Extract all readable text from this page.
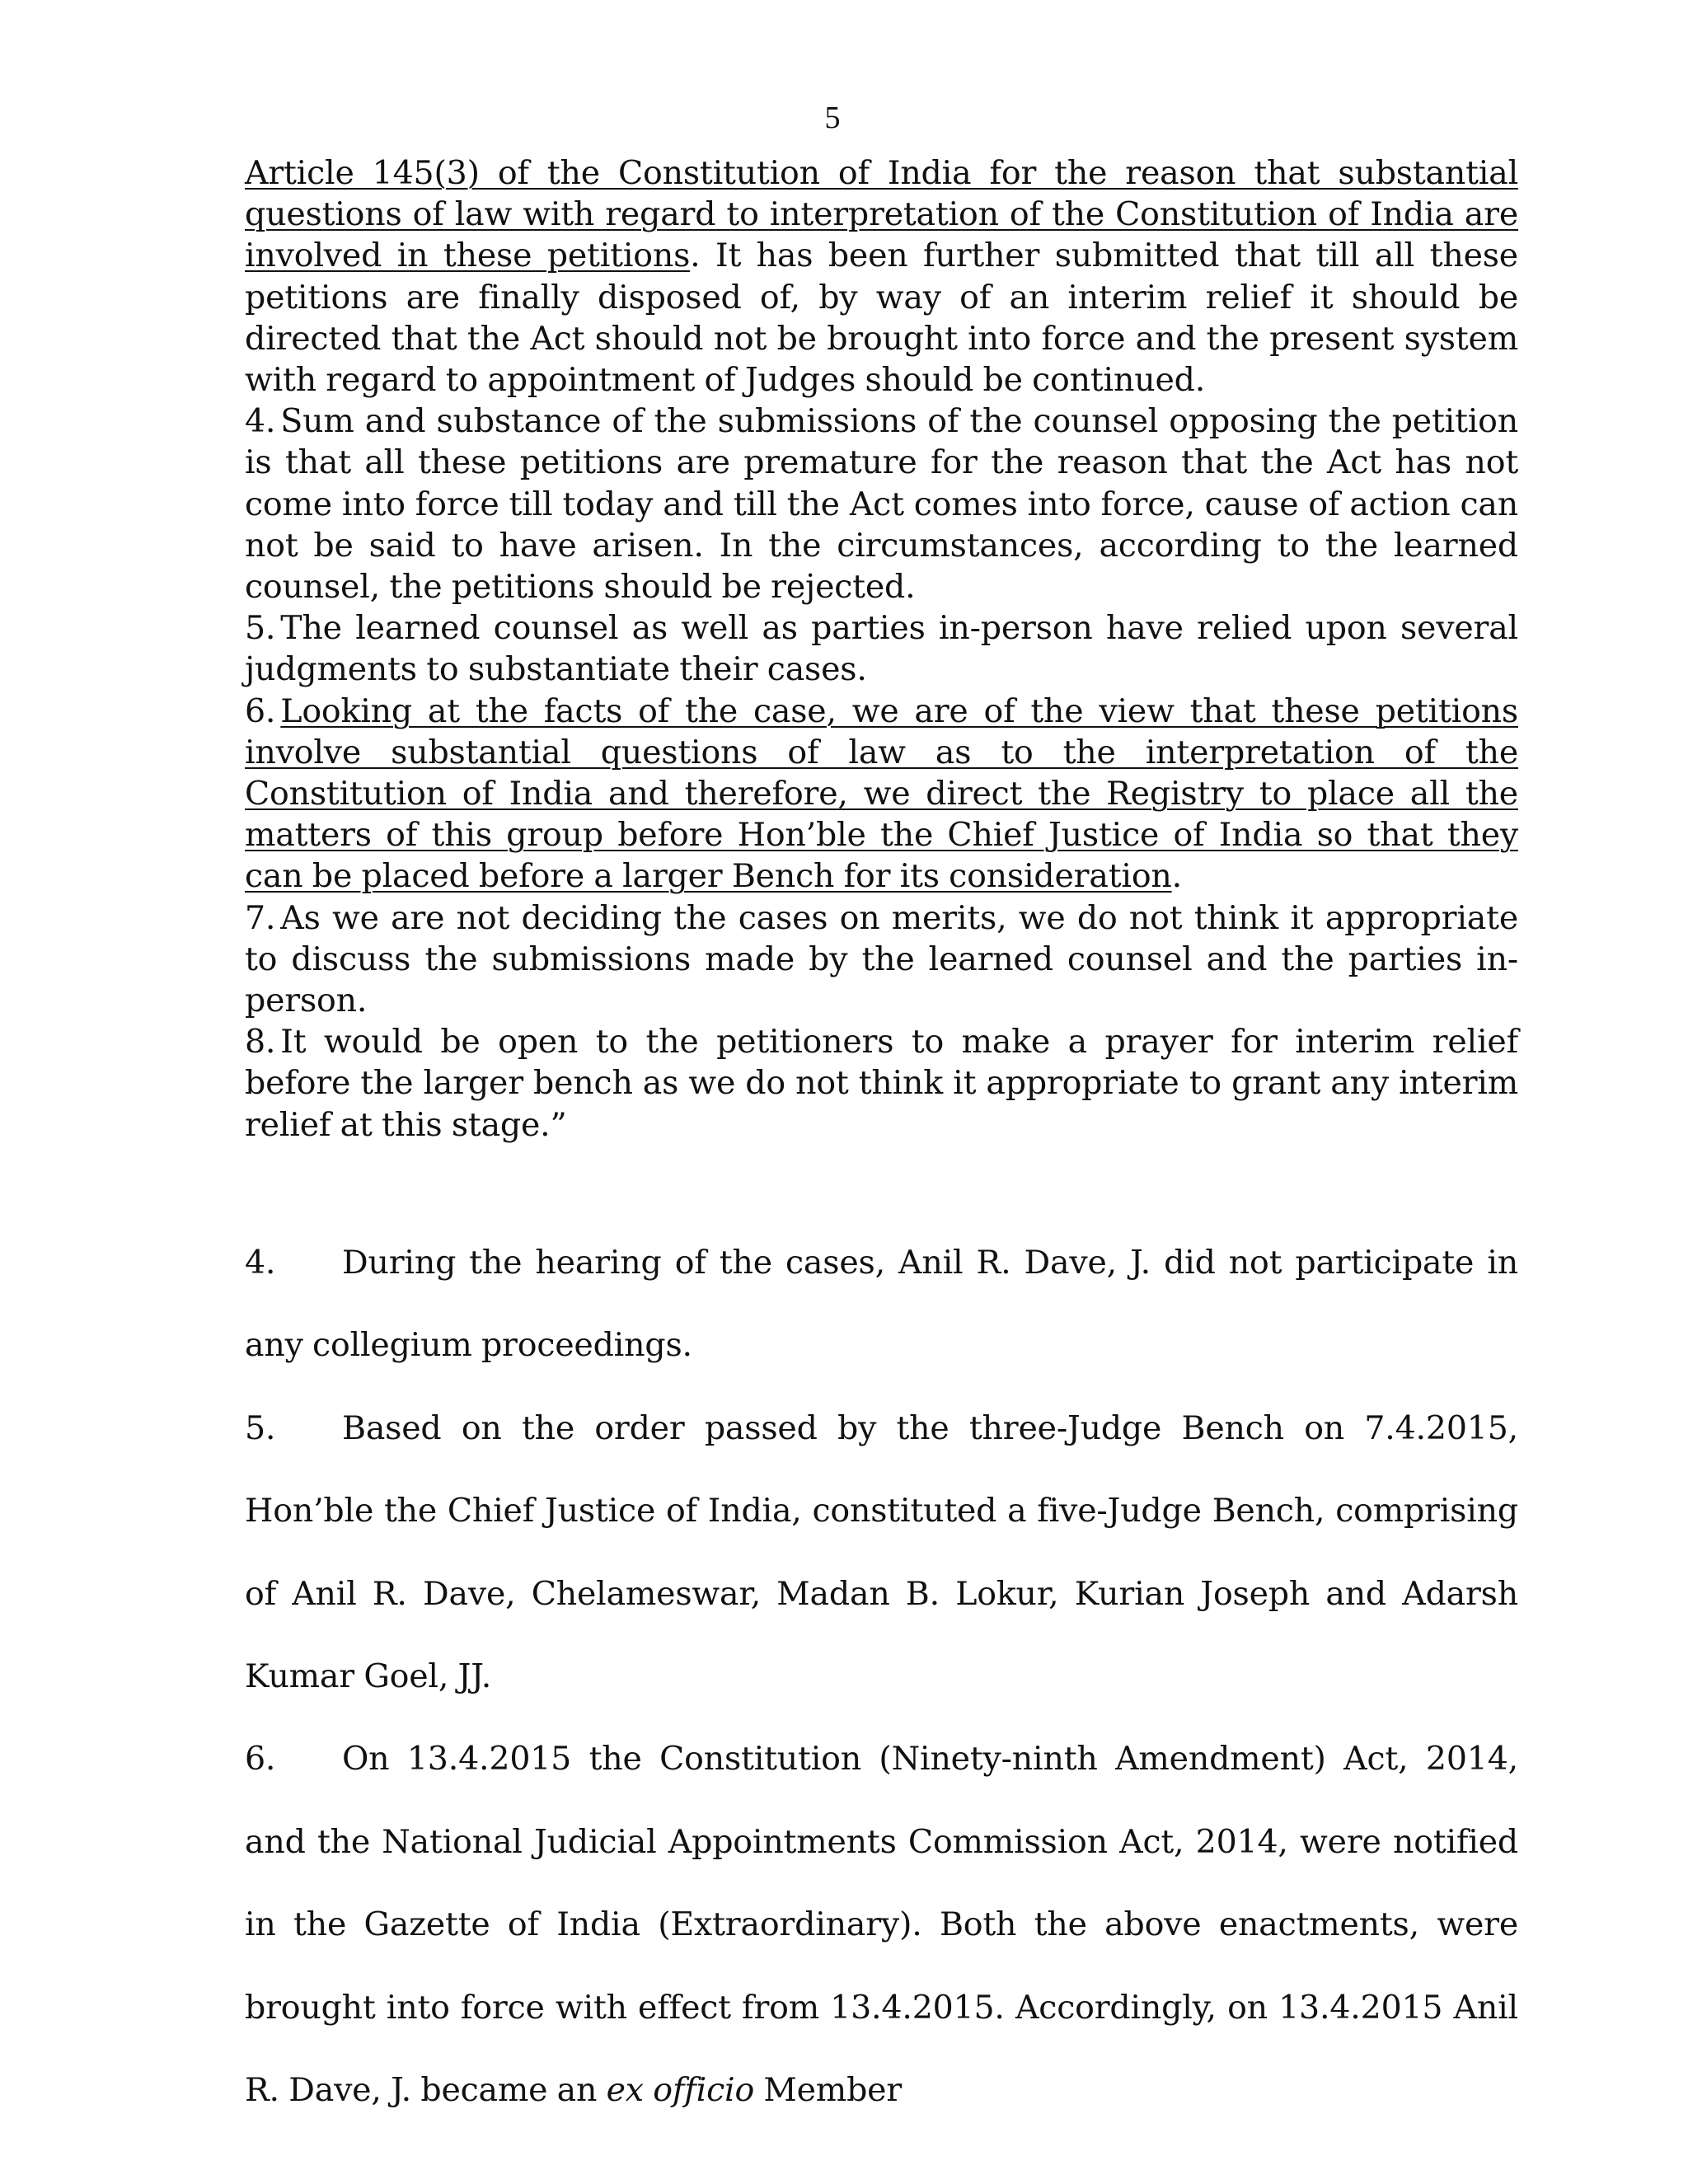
5

Article 145(3) of the Constitution of India for the reason that substantial questions of law with regard to interpretation of the Constitution of India are involved in these petitions. It has been further submitted that till all these petitions are finally disposed of, by way of an interim relief it should be directed that the Act should not be brought into force and the present system with regard to appointment of Judges should be continued.

4. Sum and substance of the submissions of the counsel opposing the petition is that all these petitions are premature for the reason that the Act has not come into force till today and till the Act comes into force, cause of action can not be said to have arisen. In the circumstances, according to the learned counsel, the petitions should be rejected.

5. The learned counsel as well as parties in-person have relied upon several judgments to substantiate their cases.

6. Looking at the facts of the case, we are of the view that these petitions involve substantial questions of law as to the interpretation of the Constitution of India and therefore, we direct the Registry to place all the matters of this group before Hon’ble the Chief Justice of India so that they can be placed before a larger Bench for its consideration.

7. As we are not deciding the cases on merits, we do not think it appropriate to discuss the submissions made by the learned counsel and the parties in-person.

8. It would be open to the petitioners to make a prayer for interim relief before the larger bench as we do not think it appropriate to grant any interim relief at this stage.”

4. During the hearing of the cases, Anil R. Dave, J. did not participate in any collegium proceedings.

5. Based on the order passed by the three-Judge Bench on 7.4.2015, Hon’ble the Chief Justice of India, constituted a five-Judge Bench, comprising of Anil R. Dave, Chelameswar, Madan B. Lokur, Kurian Joseph and Adarsh Kumar Goel, JJ.

6. On 13.4.2015 the Constitution (Ninety-ninth Amendment) Act, 2014, and the National Judicial Appointments Commission Act, 2014, were notified in the Gazette of India (Extraordinary). Both the above enactments, were brought into force with effect from 13.4.2015. Accordingly, on 13.4.2015 Anil R. Dave, J. became an ex officio Member
